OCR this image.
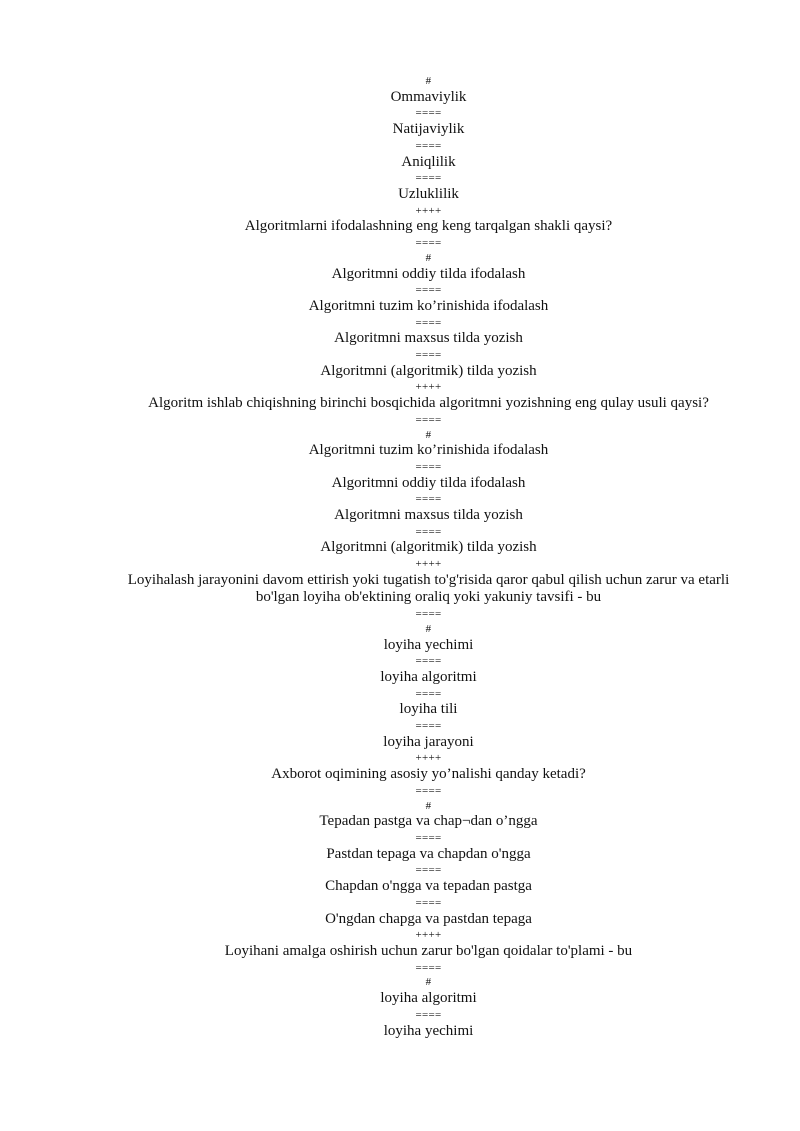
#

Ommaviylik

====

Natijaviylik

====

Aniqlilik

====

Uzluklilik

++++

Algoritmlarni ifodalashning eng keng tarqalgan shakli qaysi?

====

#

Algoritmni oddiy tilda ifodalash

====

Algoritmni tuzim ko’rinishida ifodalash

====

Algoritmni maxsus tilda yozish

====

Algoritmni (algoritmik) tilda yozish

++++

Algoritm ishlab chiqishning birinchi bosqichida algoritmni yozishning eng qulay usuli qaysi?

====

#

Algoritmni tuzim ko’rinishida ifodalash

====

Algoritmni oddiy tilda ifodalash

====

Algoritmni maxsus tilda yozish

====

Algoritmni (algoritmik) tilda yozish

++++

Loyihalash jarayonini davom ettirish yoki tugatish to'g'risida qaror qabul qilish uchun zarur va etarli

bo'lgan loyiha ob'ektining oraliq yoki yakuniy tavsifi - bu

====

#

loyiha yechimi

====

loyiha algoritmi

====

loyiha tili

====

loyiha jarayoni

++++

Axborot oqimining asosiy yo’nalishi qanday ketadi?

====

#

Tepadan pastga va chap¬dan o’ngga

====

Pastdan tepaga va chapdan o'ngga

====

Chapdan o'ngga va tepadan pastga

====

O'ngdan chapga va pastdan tepaga

++++

Loyihani amalga oshirish uchun zarur bo'lgan qoidalar to'plami - bu

====

#

loyiha algoritmi

====

loyiha yechimi
